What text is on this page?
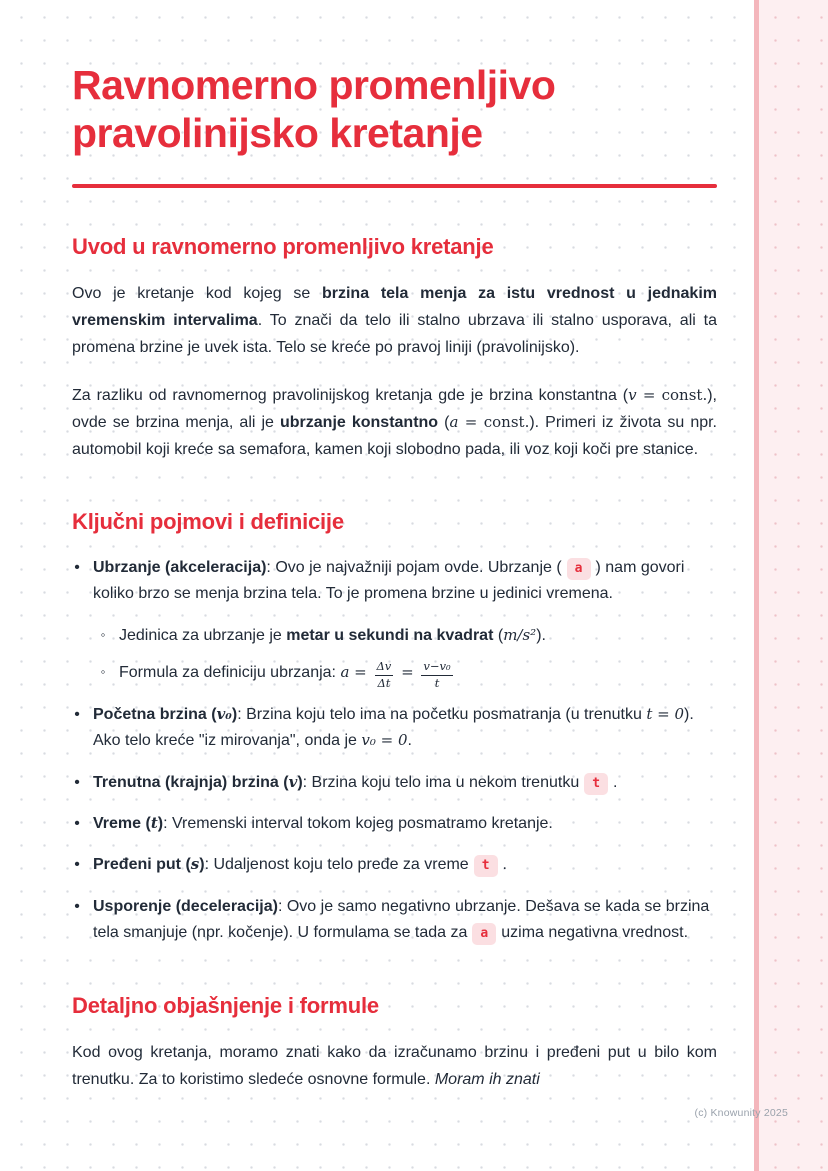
Ravnomerno promenljivo
pravolinijsko kretanje
Uvod u ravnomerno promenljivo kretanje

Ovo je kretanje kod kojeg se brzina tela menja za istu vrednost u jednakim vremenskim intervalima. To znači da telo ili stalno ubrzava ili stalno usporava, ali ta promena brzine je uvek ista. Telo se kreće po pravoj liniji (pravolinijsko).

Za razliku od ravnomernog pravolinijskog kretanja gde je brzina konstantna (v = const.), ovde se brzina menja, ali je ubrzanje konstantno (a = const.). Primeri iz života su npr. automobil koji kreće sa semafora, kamen koji slobodno pada, ili voz koji koči pre stanice.

Ključni pojmovi i definicije
• Ubrzanje (akceleracija): Ovo je najvažniji pojam ovde. Ubrzanje ( a ) nam govori koliko brzo se menja brzina tela. To je promena brzine u jedinici vremena.
◦ Jedinica za ubrzanje je metar u sekundi na kvadrat (m/s²).
◦ Formula za definiciju ubrzanja: $a = \frac{\Delta v}{\Delta t} = \frac{\text{v−v₀}}{t}$
• Početna brzina (v₀): Brzina koju telo ima na početku posmatranja (u trenutku t = 0). Ako telo kreće "iz mirovanja", onda je v₀ = 0.
• Trenutna (krajnja) brzina (v): Brzina koju telo ima u nekom trenutku t .
• Vreme (t): Vremenski interval tokom kojeg posmatramo kretanje.
• Pređeni put (s): Udaljenost koju telo pređe za vreme t .
• Usporenje (deceleracija): Ovo je samo negativno ubrzanje. Dešava se kada se brzina tela smanjuje (npr. kočenje). U formulama se tada za a uzima negativna vrednost.
Detaljno objašnjenje i formule

Kod ovog kretanja, moramo znati kako da izračunamo brzinu i pređeni put u bilo kom trenutku. Za to koristimo sledeće osnovne formule. Moram ih znati

(c) Knowunity 2025
